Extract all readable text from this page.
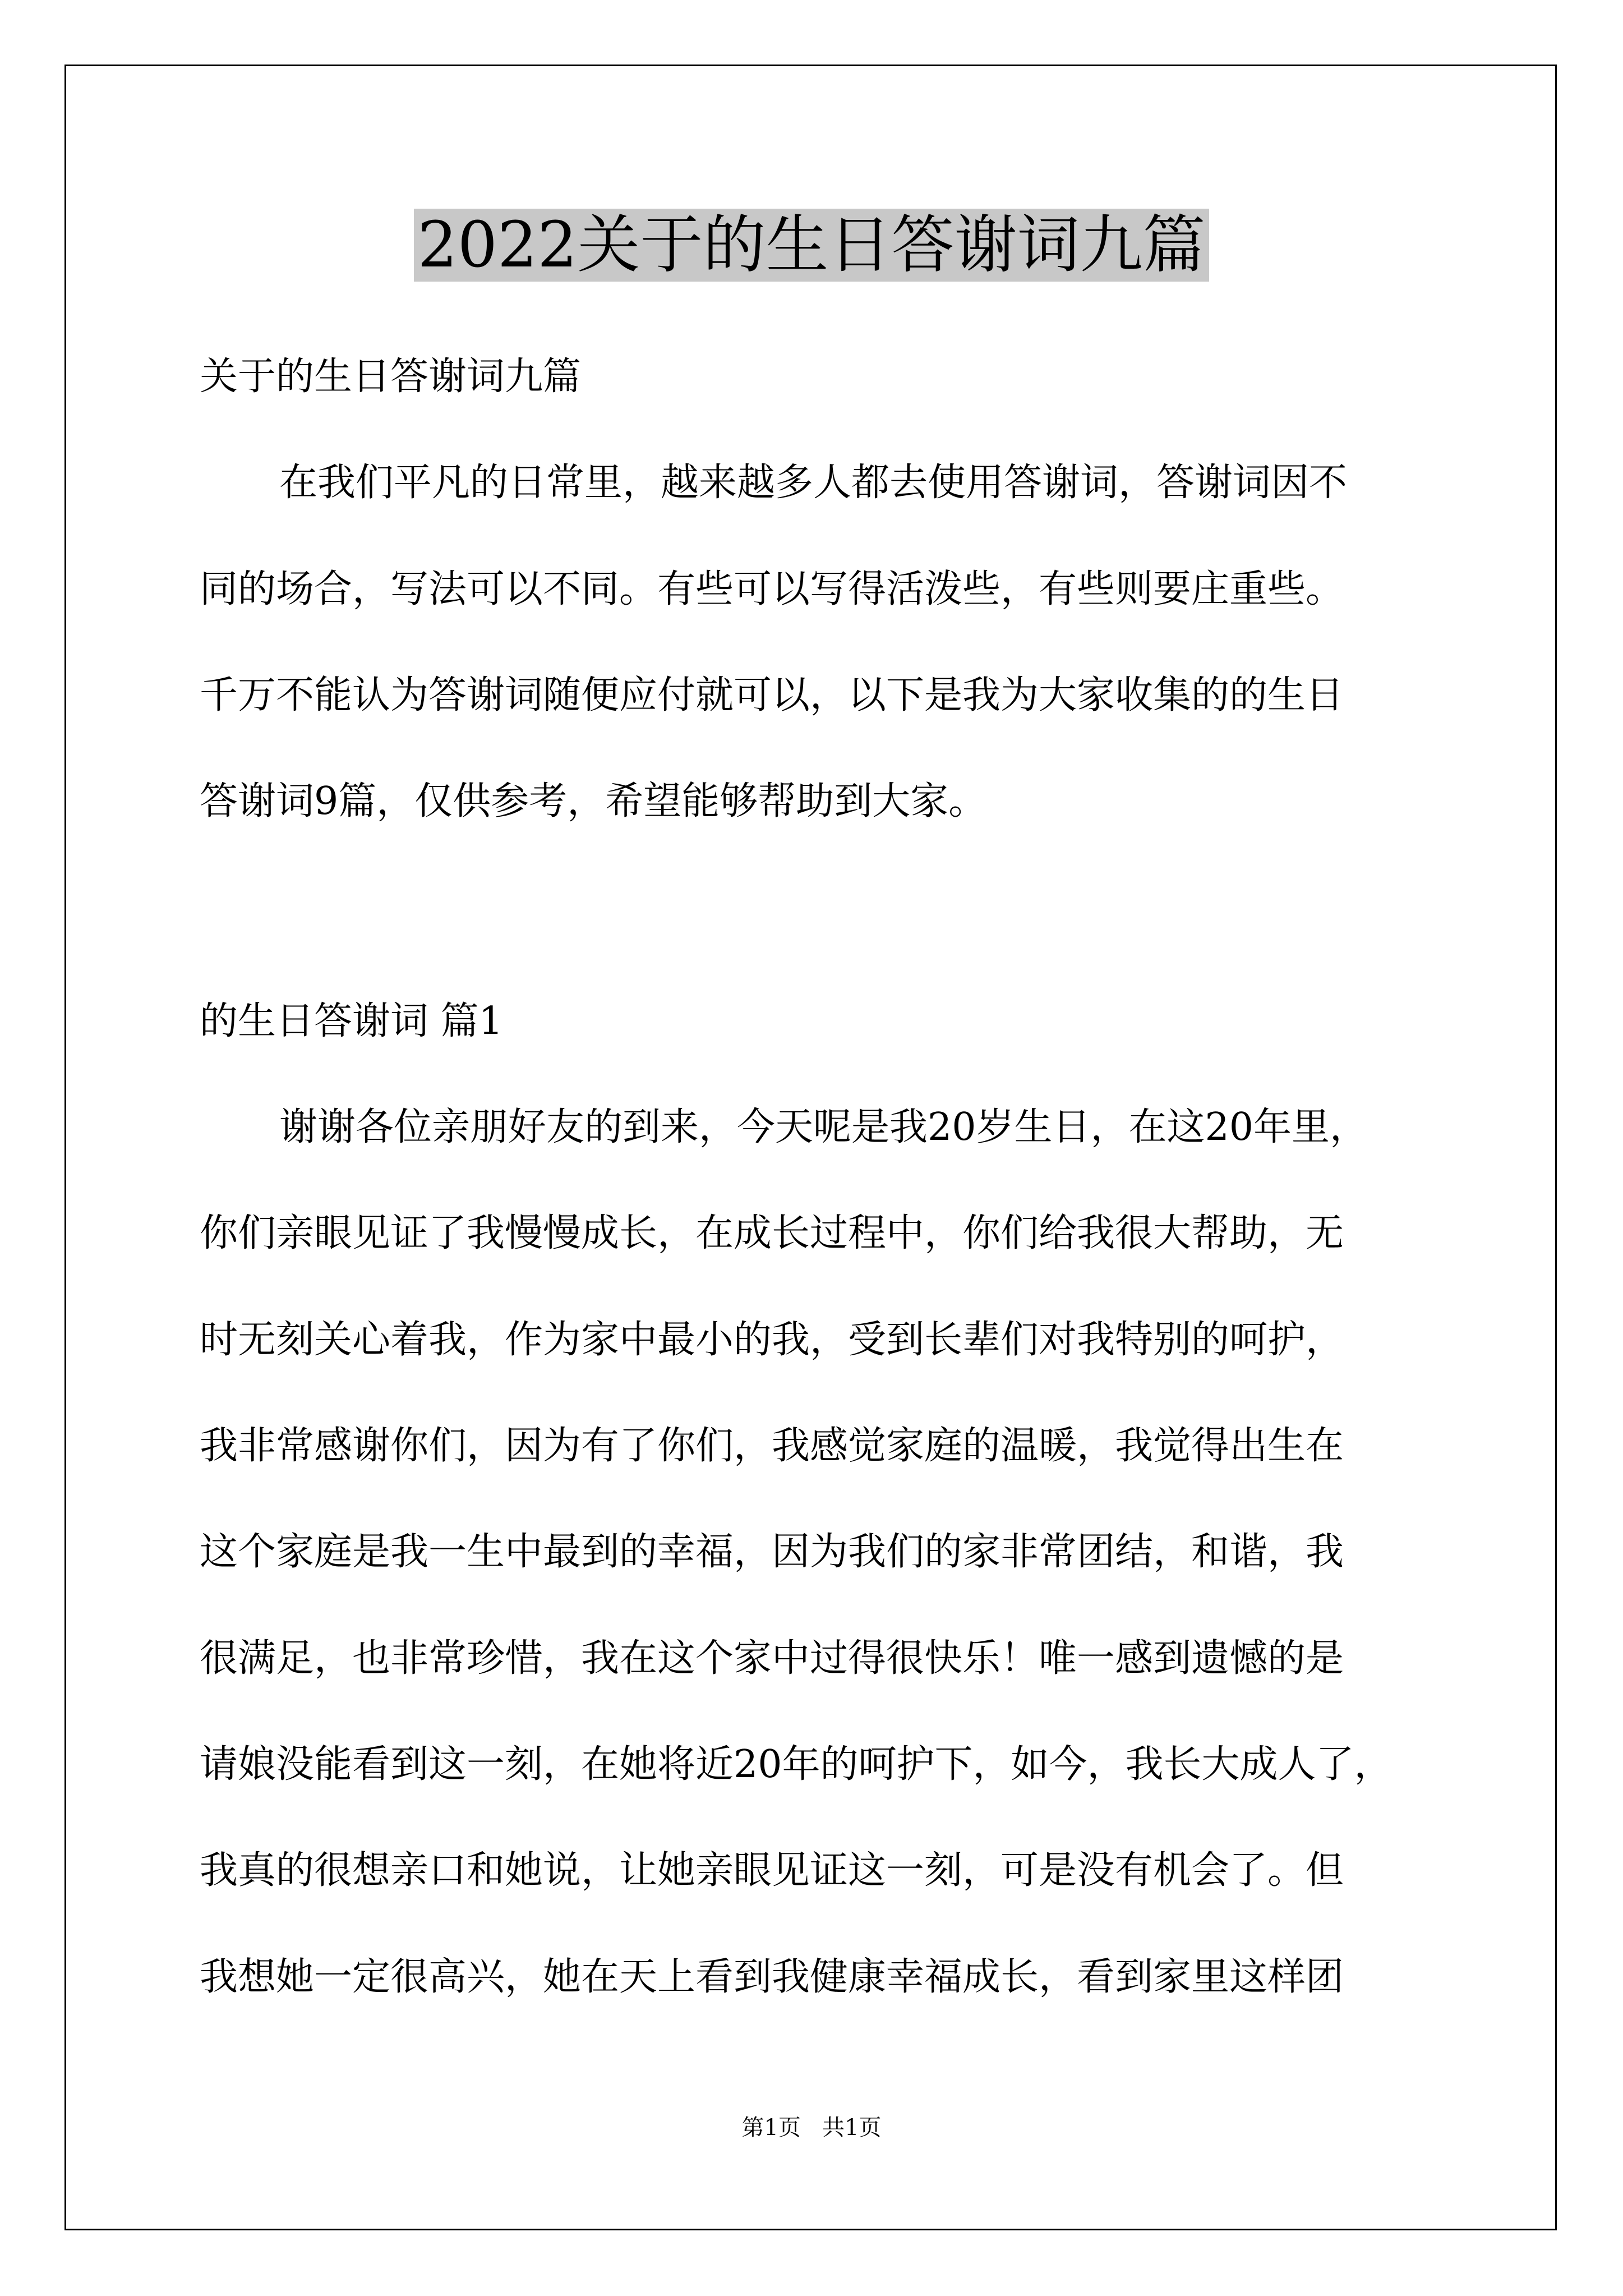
2022关于的生日答谢词九篇
关于的生日答谢词九篇
在我们平凡的日常里，越来越多人都去使用答谢词，答谢词因不
同的场合，写法可以不同。有些可以写得活泼些，有些则要庄重些。
千万不能认为答谢词随便应付就可以，以下是我为大家收集的的生日
答谢词9篇，仅供参考，希望能够帮助到大家。
的生日答谢词 篇1
谢谢各位亲朋好友的到来，今天呢是我20岁生日，在这20年里，
你们亲眼见证了我慢慢成长，在成长过程中，你们给我很大帮助，无
时无刻关心着我，作为家中最小的我，受到长辈们对我特别的呵护，
我非常感谢你们，因为有了你们，我感觉家庭的温暖，我觉得出生在
这个家庭是我一生中最到的幸福，因为我们的家非常团结，和谐，我
很满足，也非常珍惜，我在这个家中过得很快乐！唯一感到遗憾的是
请娘没能看到这一刻，在她将近20年的呵护下，如今，我长大成人了，
我真的很想亲口和她说，让她亲眼见证这一刻，可是没有机会了。但
我想她一定很高兴，她在天上看到我健康幸福成长，看到家里这样团
第1页   共1页
